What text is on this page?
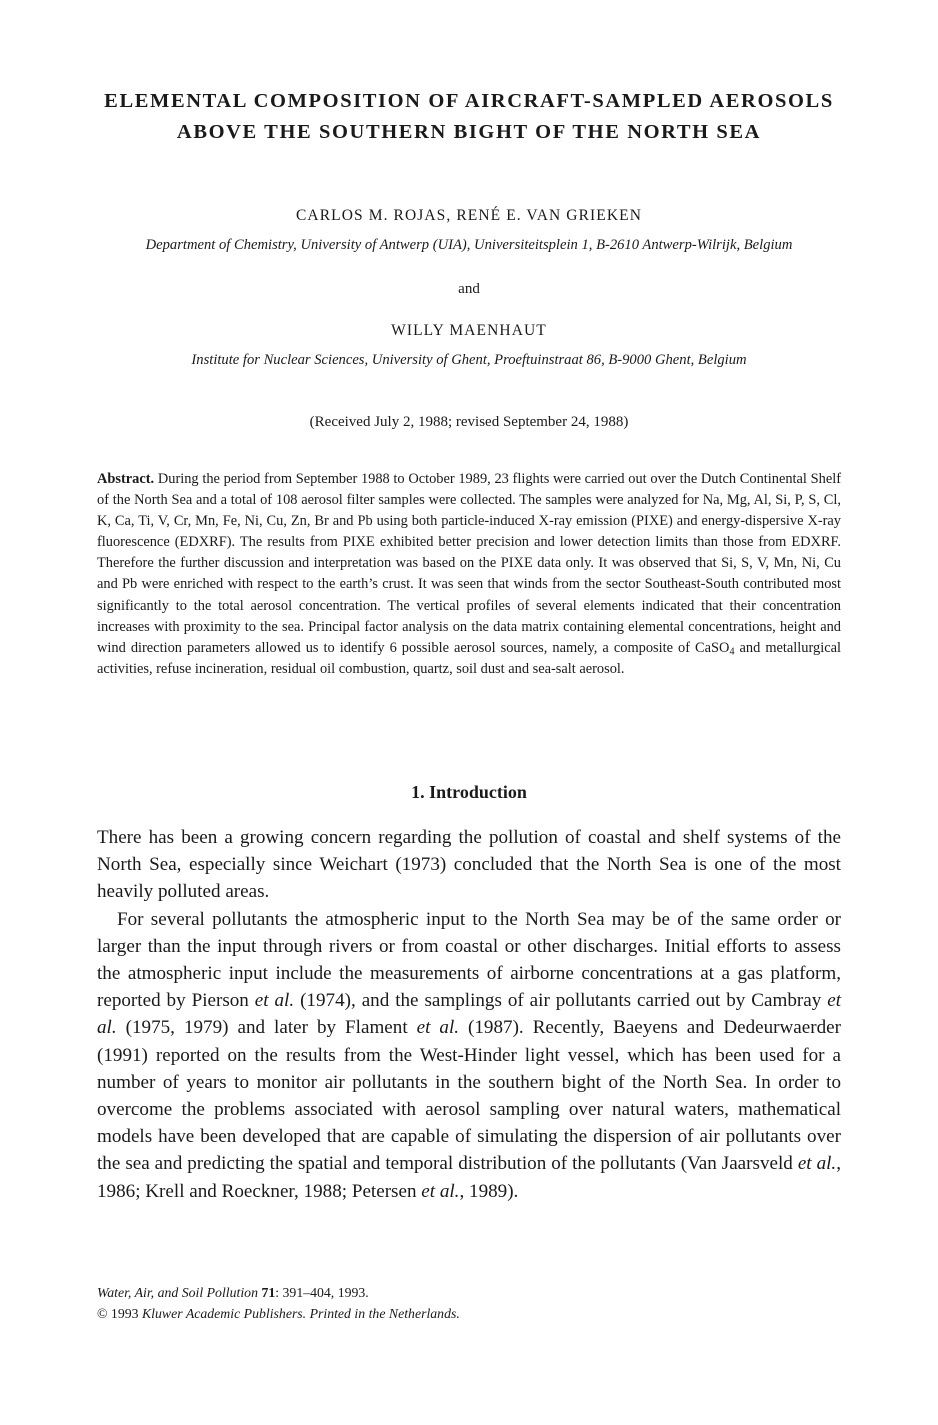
ELEMENTAL COMPOSITION OF AIRCRAFT-SAMPLED AEROSOLS
ABOVE THE SOUTHERN BIGHT OF THE NORTH SEA
CARLOS M. ROJAS, RENÉ E. VAN GRIEKEN
Department of Chemistry, University of Antwerp (UIA), Universiteitsplein 1, B-2610 Antwerp-Wilrijk, Belgium
and
WILLY MAENHAUT
Institute for Nuclear Sciences, University of Ghent, Proeftuinstraat 86, B-9000 Ghent, Belgium
(Received July 2, 1988; revised September 24, 1988)
Abstract. During the period from September 1988 to October 1989, 23 flights were carried out over the Dutch Continental Shelf of the North Sea and a total of 108 aerosol filter samples were collected. The samples were analyzed for Na, Mg, Al, Si, P, S, Cl, K, Ca, Ti, V, Cr, Mn, Fe, Ni, Cu, Zn, Br and Pb using both particle-induced X-ray emission (PIXE) and energy-dispersive X-ray fluorescence (EDXRF). The results from PIXE exhibited better precision and lower detection limits than those from EDXRF. Therefore the further discussion and interpretation was based on the PIXE data only. It was observed that Si, S, V, Mn, Ni, Cu and Pb were enriched with respect to the earth’s crust. It was seen that winds from the sector Southeast-South contributed most significantly to the total aerosol concentration. The vertical profiles of several elements indicated that their concentration increases with proximity to the sea. Principal factor analysis on the data matrix containing elemental concentrations, height and wind direction parameters allowed us to identify 6 possible aerosol sources, namely, a composite of CaSO$_4$ and metallurgical activities, refuse incineration, residual oil combustion, quartz, soil dust and sea-salt aerosol.
1. Introduction

There has been a growing concern regarding the pollution of coastal and shelf systems of the North Sea, especially since Weichart (1973) concluded that the North Sea is one of the most heavily polluted areas.

For several pollutants the atmospheric input to the North Sea may be of the same order or larger than the input through rivers or from coastal or other discharges. Initial efforts to assess the atmospheric input include the measurements of airborne concentrations at a gas platform, reported by Pierson et al. (1974), and the samplings of air pollutants carried out by Cambray et al. (1975, 1979) and later by Flament et al. (1987). Recently, Baeyens and Dedeurwaerder (1991) reported on the results from the West-Hinder light vessel, which has been used for a number of years to monitor air pollutants in the southern bight of the North Sea. In order to overcome the problems associated with aerosol sampling over natural waters, mathematical models have been developed that are capable of simulating the dispersion of air pollutants over the sea and predicting the spatial and temporal distribution of the pollutants (Van Jaarsveld et al., 1986; Krell and Roeckner, 1988; Petersen et al., 1989).

Water, Air, and Soil Pollution 71: 391–404, 1993.
© 1993 Kluwer Academic Publishers. Printed in the Netherlands.
